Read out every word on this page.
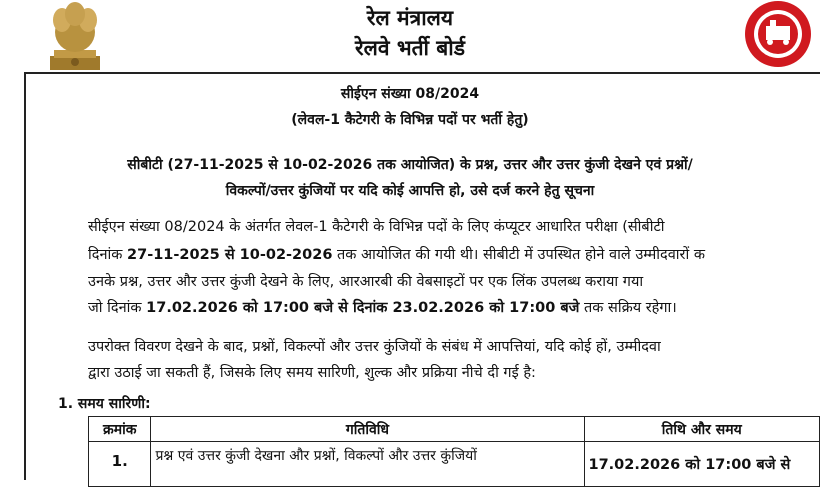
रेल मंत्रालय
रेलवे भर्ती बोर्ड
सीईएन संख्या 08/2024
(लेवल-1 कैटेगरी के विभिन्न पदों पर भर्ती हेतु)
सीबीटी (27-11-2025 से 10-02-2026 तक आयोजित) के प्रश्न, उत्तर और उत्तर कुंजी देखने एवं प्रश्नों/
विकल्पों/उत्तर कुंजियों पर यदि कोई आपत्ति हो, उसे दर्ज करने हेतु सूचना
सीईएन संख्या 08/2024 के अंतर्गत लेवल-1 कैटेगरी के विभिन्न पदों के लिए कंप्यूटर आधारित परीक्षा (सीबीटी
दिनांक 27-11-2025 से 10-02-2026 तक आयोजित की गयी थी। सीबीटी में उपस्थित होने वाले उम्मीदवारों क
उनके प्रश्न, उत्तर और उत्तर कुंजी देखने के लिए, आरआरबी की वेबसाइटों पर एक लिंक उपलब्ध कराया गया
जो दिनांक 17.02.2026 को 17:00 बजे से दिनांक 23.02.2026 को 17:00 बजे तक सक्रिय रहेगा।
उपरोक्त विवरण देखने के बाद, प्रश्नों, विकल्पों और उत्तर कुंजियों के संबंध में आपत्तियां, यदि कोई हों, उम्मीदवा
द्वारा उठाई जा सकती हैं, जिसके लिए समय सारिणी, शुल्क और प्रक्रिया नीचे दी गई है:
1. समय सारिणी:
क्रमांक	गतिविधि	तिथि और समय

1.	प्रश्न एवं उत्तर कुंजी देखना और प्रश्नों, विकल्पों और उत्तर कुंजियों	17.02.2026 को 17:00 बजे से
